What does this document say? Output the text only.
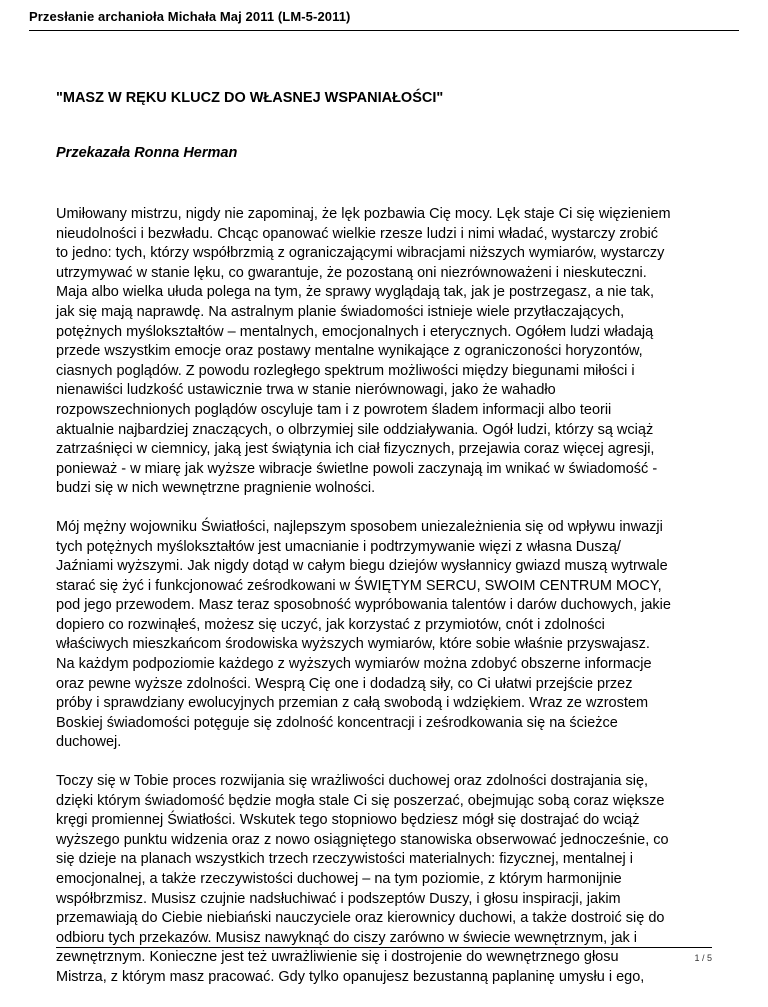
Przesłanie archanioła Michała Maj 2011 (LM-5-2011)
"MASZ W RĘKU KLUCZ DO WŁASNEJ WSPANIAŁOŚCI"
Przekazała Ronna Herman

Umiłowany mistrzu, nigdy nie zapominaj, że lęk pozbawia Cię mocy. Lęk staje Ci się więzieniem
nieudolności i bezwładu. Chcąc opanować wielkie rzesze ludzi i nimi władać, wystarczy zrobić
to jedno: tych, którzy współbrzmią z ograniczającymi wibracjami niższych wymiarów, wystarczy
utrzymywać w stanie lęku, co gwarantuje, że pozostaną oni niezrównoważeni i nieskuteczni.
Maja albo wielka ułuda polega na tym, że sprawy wyglądają tak, jak je postrzegasz, a nie tak,
jak się mają naprawdę. Na astralnym planie świadomości istnieje wiele przytłaczających,
potężnych myślokształtów – mentalnych, emocjonalnych i eterycznych. Ogółem ludzi władają
przede wszystkim emocje oraz postawy mentalne wynikające z ograniczoności horyzontów,
ciasnych poglądów. Z powodu rozległego spektrum możliwości między biegunami miłości i
nienawiści ludzkość ustawicznie trwa w stanie nierównowagi, jako że wahadło
rozpowszechnionych poglądów oscyluje tam i z powrotem śladem informacji albo teorii
aktualnie najbardziej znaczących, o olbrzymiej sile oddziaływania. Ogół ludzi, którzy są wciąż
zatrzaśnięci w ciemnicy, jaką jest świątynia ich ciał fizycznych, przejawia coraz więcej agresji,
ponieważ - w miarę jak wyższe wibracje świetlne powoli zaczynają im wnikać w świadomość -
budzi się w nich wewnętrzne pragnienie wolności.

Mój mężny wojowniku Światłości, najlepszym sposobem uniezależnienia się od wpływu inwazji
tych potężnych myślokształtów jest umacnianie i podtrzymywanie więzi z własna Duszą/
Jaźniami wyższymi. Jak nigdy dotąd w całym biegu dziejów wysłannicy gwiazd muszą wytrwale
starać się żyć i funkcjonować ześrodkowani w ŚWIĘTYM SERCU, SWOIM CENTRUM MOCY,
pod jego przewodem. Masz teraz sposobność wypróbowania talentów i darów duchowych, jakie
dopiero co rozwinąłeś, możesz się uczyć, jak korzystać z przymiotów, cnót i zdolności
właściwych mieszkańcom środowiska wyższych wymiarów, które sobie właśnie przyswajasz.
Na każdym podpoziomie każdego z wyższych wymiarów można zdobyć obszerne informacje
oraz pewne wyższe zdolności. Wesprą Cię one i dodadzą siły, co Ci ułatwi przejście przez
próby i sprawdziany ewolucyjnych przemian z całą swobodą i wdziękiem. Wraz ze wzrostem
Boskiej świadomości potęguje się zdolność koncentracji i ześrodkowania się na ścieżce
duchowej.

Toczy się w Tobie proces rozwijania się wrażliwości duchowej oraz zdolności dostrajania się,
dzięki którym świadomość będzie mogła stale Ci się poszerzać, obejmując sobą coraz większe
kręgi promiennej Światłości. Wskutek tego stopniowo będziesz mógł się dostrajać do wciąż
wyższego punktu widzenia oraz z nowo osiągniętego stanowiska obserwować jednocześnie, co
się dzieje na planach wszystkich trzech rzeczywistości materialnych: fizycznej, mentalnej i
emocjonalnej, a także rzeczywistości duchowej – na tym poziomie, z którym harmonijnie
współbrzmisz. Musisz czujnie nadsłuchiwać i podszeptów Duszy, i głosu inspiracji, jakim
przemawiają do Ciebie niebiański nauczyciele oraz kierownicy duchowi, a także dostroić się do
odbioru tych przekazów. Musisz nawyknąć do ciszy zarówno w świecie wewnętrznym, jak i
zewnętrznym. Konieczne jest też uwrażliwienie się i dostrojenie do wewnętrznego głosu
Mistrza, z którym masz pracować. Gdy tylko opanujesz bezustanną paplaninę umysłu i ego,

1 / 5
